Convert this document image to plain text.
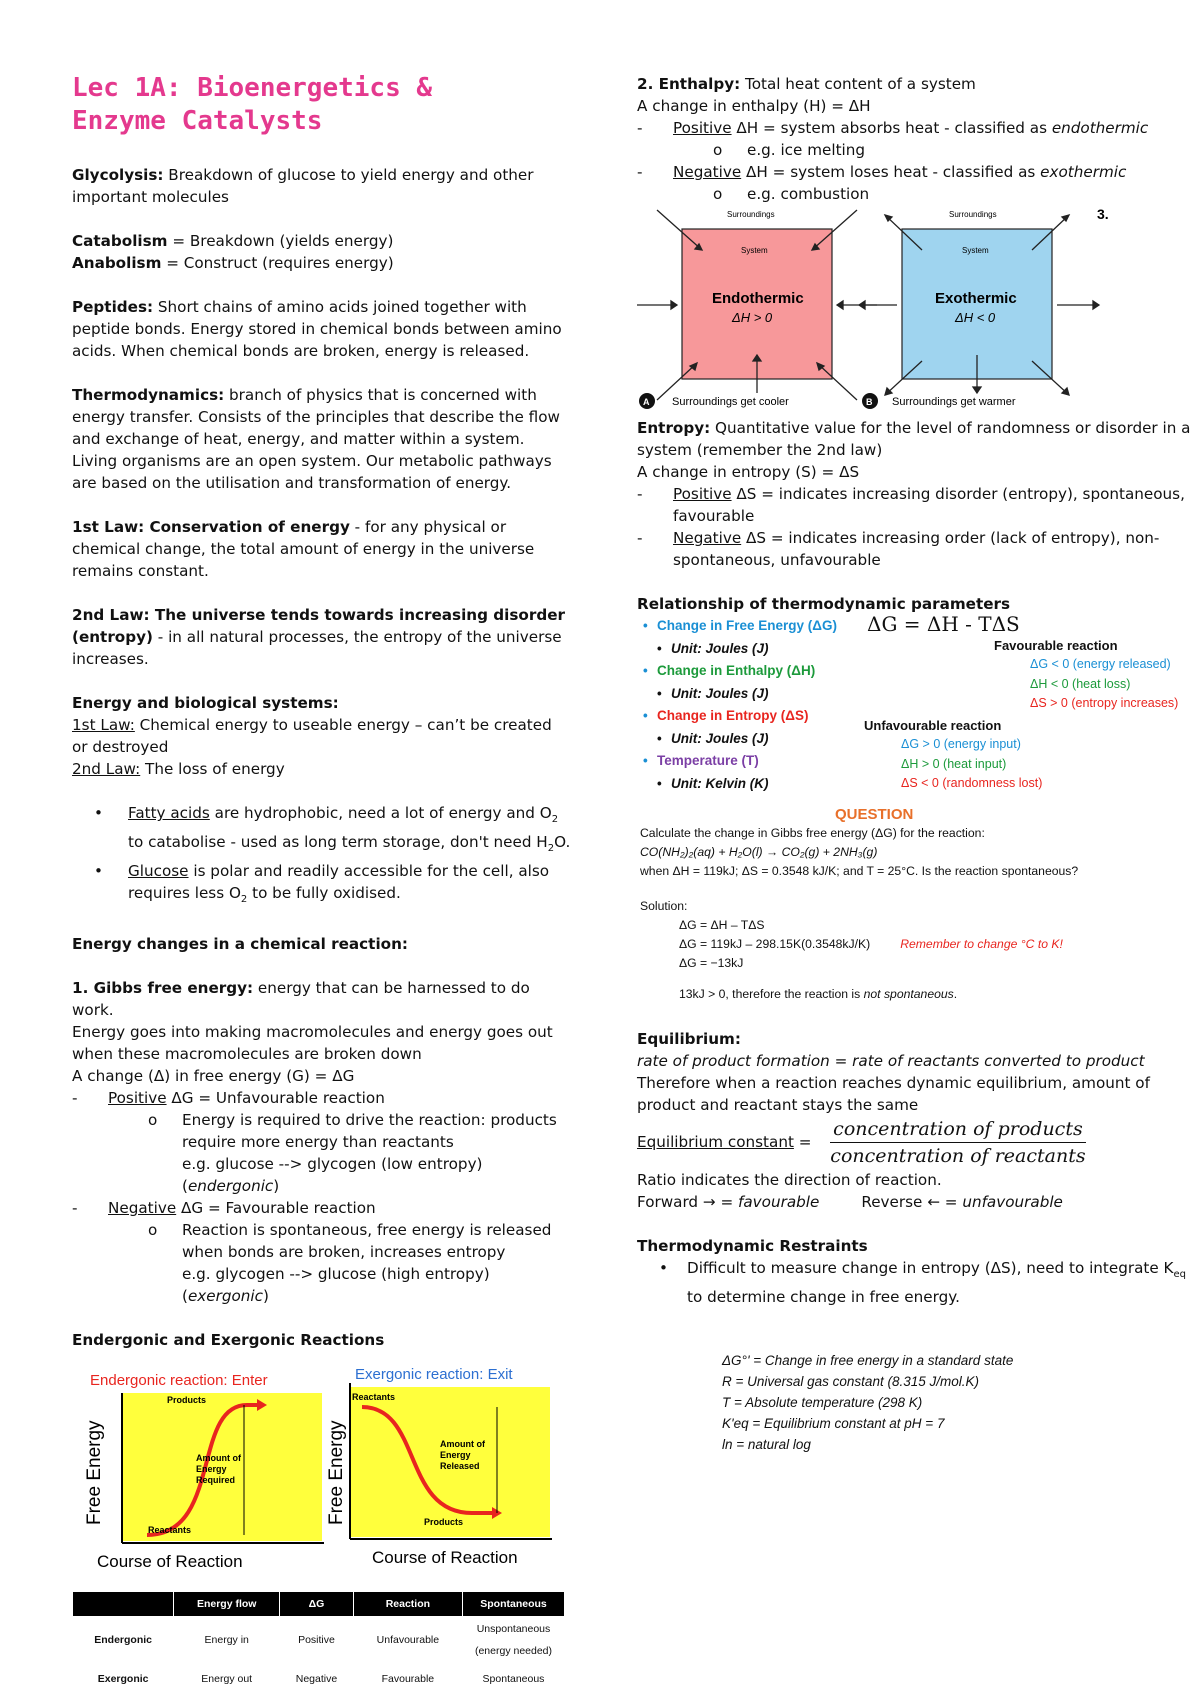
Lec 1A: Bioenergetics &
Enzyme Catalysts

Glycolysis: Breakdown of glucose to yield energy and other important molecules

Catabolism = Breakdown (yields energy)

Anabolism = Construct (requires energy)

Peptides: Short chains of amino acids joined together with peptide bonds. Energy stored in chemical bonds between amino acids. When chemical bonds are broken, energy is released.

Thermodynamics: branch of physics that is concerned with energy transfer. Consists of the principles that describe the flow and exchange of heat, energy, and matter within a system. Living organisms are an open system. Our metabolic pathways are based on the utilisation and transformation of energy.

1st Law: Conservation of energy - for any physical or chemical change, the total amount of energy in the universe remains constant.

2nd Law: The universe tends towards increasing disorder (entropy) - in all natural processes, the entropy of the universe increases.

Energy and biological systems:

1st Law: Chemical energy to useable energy – can’t be created or destroyed

2nd Law: The loss of energy

• Fatty acids are hydrophobic, need a lot of energy and $O_2$ to catabolise - used as long term storage, don't need $H_2O$.

• Glucose is polar and readily accessible for the cell, also requires less $O_2$ to be fully oxidised.

Energy changes in a chemical reaction:

1. Gibbs free energy: energy that can be harnessed to do work.

Energy goes into making macromolecules and energy goes out when these macromolecules are broken down

A change (Δ) in free energy (G) = ΔG

- Positive ΔG = Unfavourable reaction

o Energy is required to drive the reaction: products require more energy than reactants

e.g. glucose --> glycogen (low entropy) (endergonic)

- Negative ΔG = Favourable reaction

o Reaction is spontaneous, free energy is released when bonds are broken, increases entropy

e.g. glycogen --> glucose (high entropy) (exergonic)

Endergonic and Exergonic Reactions

Endergonic reaction: Enter
Free Energy
Products
Reactants
Amount of
Energy
Required
Course of Reaction
Exergonic reaction: Exit
Free Energy
Reactants
Products
Amount of
Energy
Released
Course of Reaction
	Energy flow	ΔG	Reaction	Spontaneous
Endergonic	Energy in	Positive	Unfavourable	Unspontaneous (energy needed)
Exergonic	Energy out	Negative	Favourable	Spontaneous

2. Enthalpy: Total heat content of a system

A change in enthalpy (H) = ΔH

- Positive ΔH = system absorbs heat - classified as endothermic

o e.g. ice melting

- Negative ΔH = system loses heat - classified as exothermic

o e.g. combustion

3.
Surroundings
System
Endothermic
ΔH > 0
A Surroundings get cooler
Surroundings
System
Exothermic
ΔH < 0
B Surroundings get warmer

Entropy: Quantitative value for the level of randomness or disorder in a system (remember the 2nd law)

A change in entropy (S) = ΔS

- Positive ΔS = indicates increasing disorder (entropy), spontaneous, favourable

- Negative ΔS = indicates increasing order (lack of entropy), non-spontaneous, unfavourable

Relationship of thermodynamic parameters

• Change in Free Energy (ΔG)
• Unit: Joules (J)
• Change in Enthalpy (ΔH)
• Unit: Joules (J)
• Change in Entropy (ΔS)
• Unit: Joules (J)
• Temperature (T)
• Unit: Kelvin (K)
ΔG = ΔH - TΔS
Favourable reaction
ΔG < 0 (energy released)
ΔH < 0 (heat loss)
ΔS > 0 (entropy increases)
Unfavourable reaction
ΔG > 0 (energy input)
ΔH > 0 (heat input)
ΔS < 0 (randomness lost)
QUESTION
Calculate the change in Gibbs free energy (ΔG) for the reaction:
CO(NH₂)₂(aq) + H₂O(l) → CO₂(g) + 2NH₃(g)
when ΔH = 119kJ; ΔS = 0.3548 kJ/K; and T = 25°C. Is the reaction spontaneous?
Solution:
ΔG = ΔH – TΔS
ΔG = 119kJ – 298.15K(0.3548kJ/K) Remember to change °C to K!
ΔG = −13kJ
13kJ > 0, therefore the reaction is not spontaneous.

Equilibrium:

rate of product formation = rate of reactants converted to product

Therefore when a reaction reaches dynamic equilibrium, amount of product and reactant stays the same

Equilibrium constant = $\frac{\text{concentration of products}}{\text{concentration of reactants}}$

Ratio indicates the direction of reaction.

Forward → = favourable	Reverse ← = unfavourable

Thermodynamic Restraints

• Difficult to measure change in entropy (ΔS), need to integrate $K_{eq}$ to determine change in free energy.

ΔG°' = Change in free energy in a standard state
R = Universal gas constant (8.315 J/mol.K)
T = Absolute temperature (298 K)
K'eq = Equilibrium constant at pH = 7
ln = natural log
